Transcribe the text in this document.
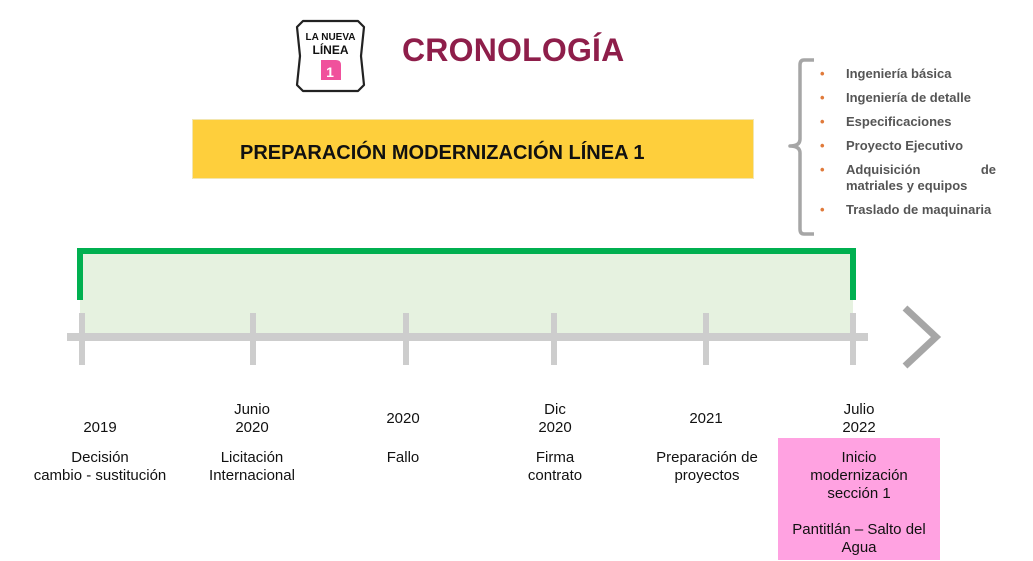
LA NUEVA
LÍNEA
1
CRONOLOGÍA
PREPARACIÓN MODERNIZACIÓN LÍNEA 1
• Ingeniería básica
• Ingeniería de detalle
• Especificaciones
• Proyecto Ejecutivo
• Adquisición de matriales y equipos
• Traslado de maquinaria
2019
Junio
2020
2020
Dic
2020
2021
Julio
2022
Decisión
cambio - sustitución
Licitación
Internacional
Fallo	Firma
contrato
Preparación de
proyectos
Inicio
modernización
sección 1
Pantitlán – Salto del
Agua
